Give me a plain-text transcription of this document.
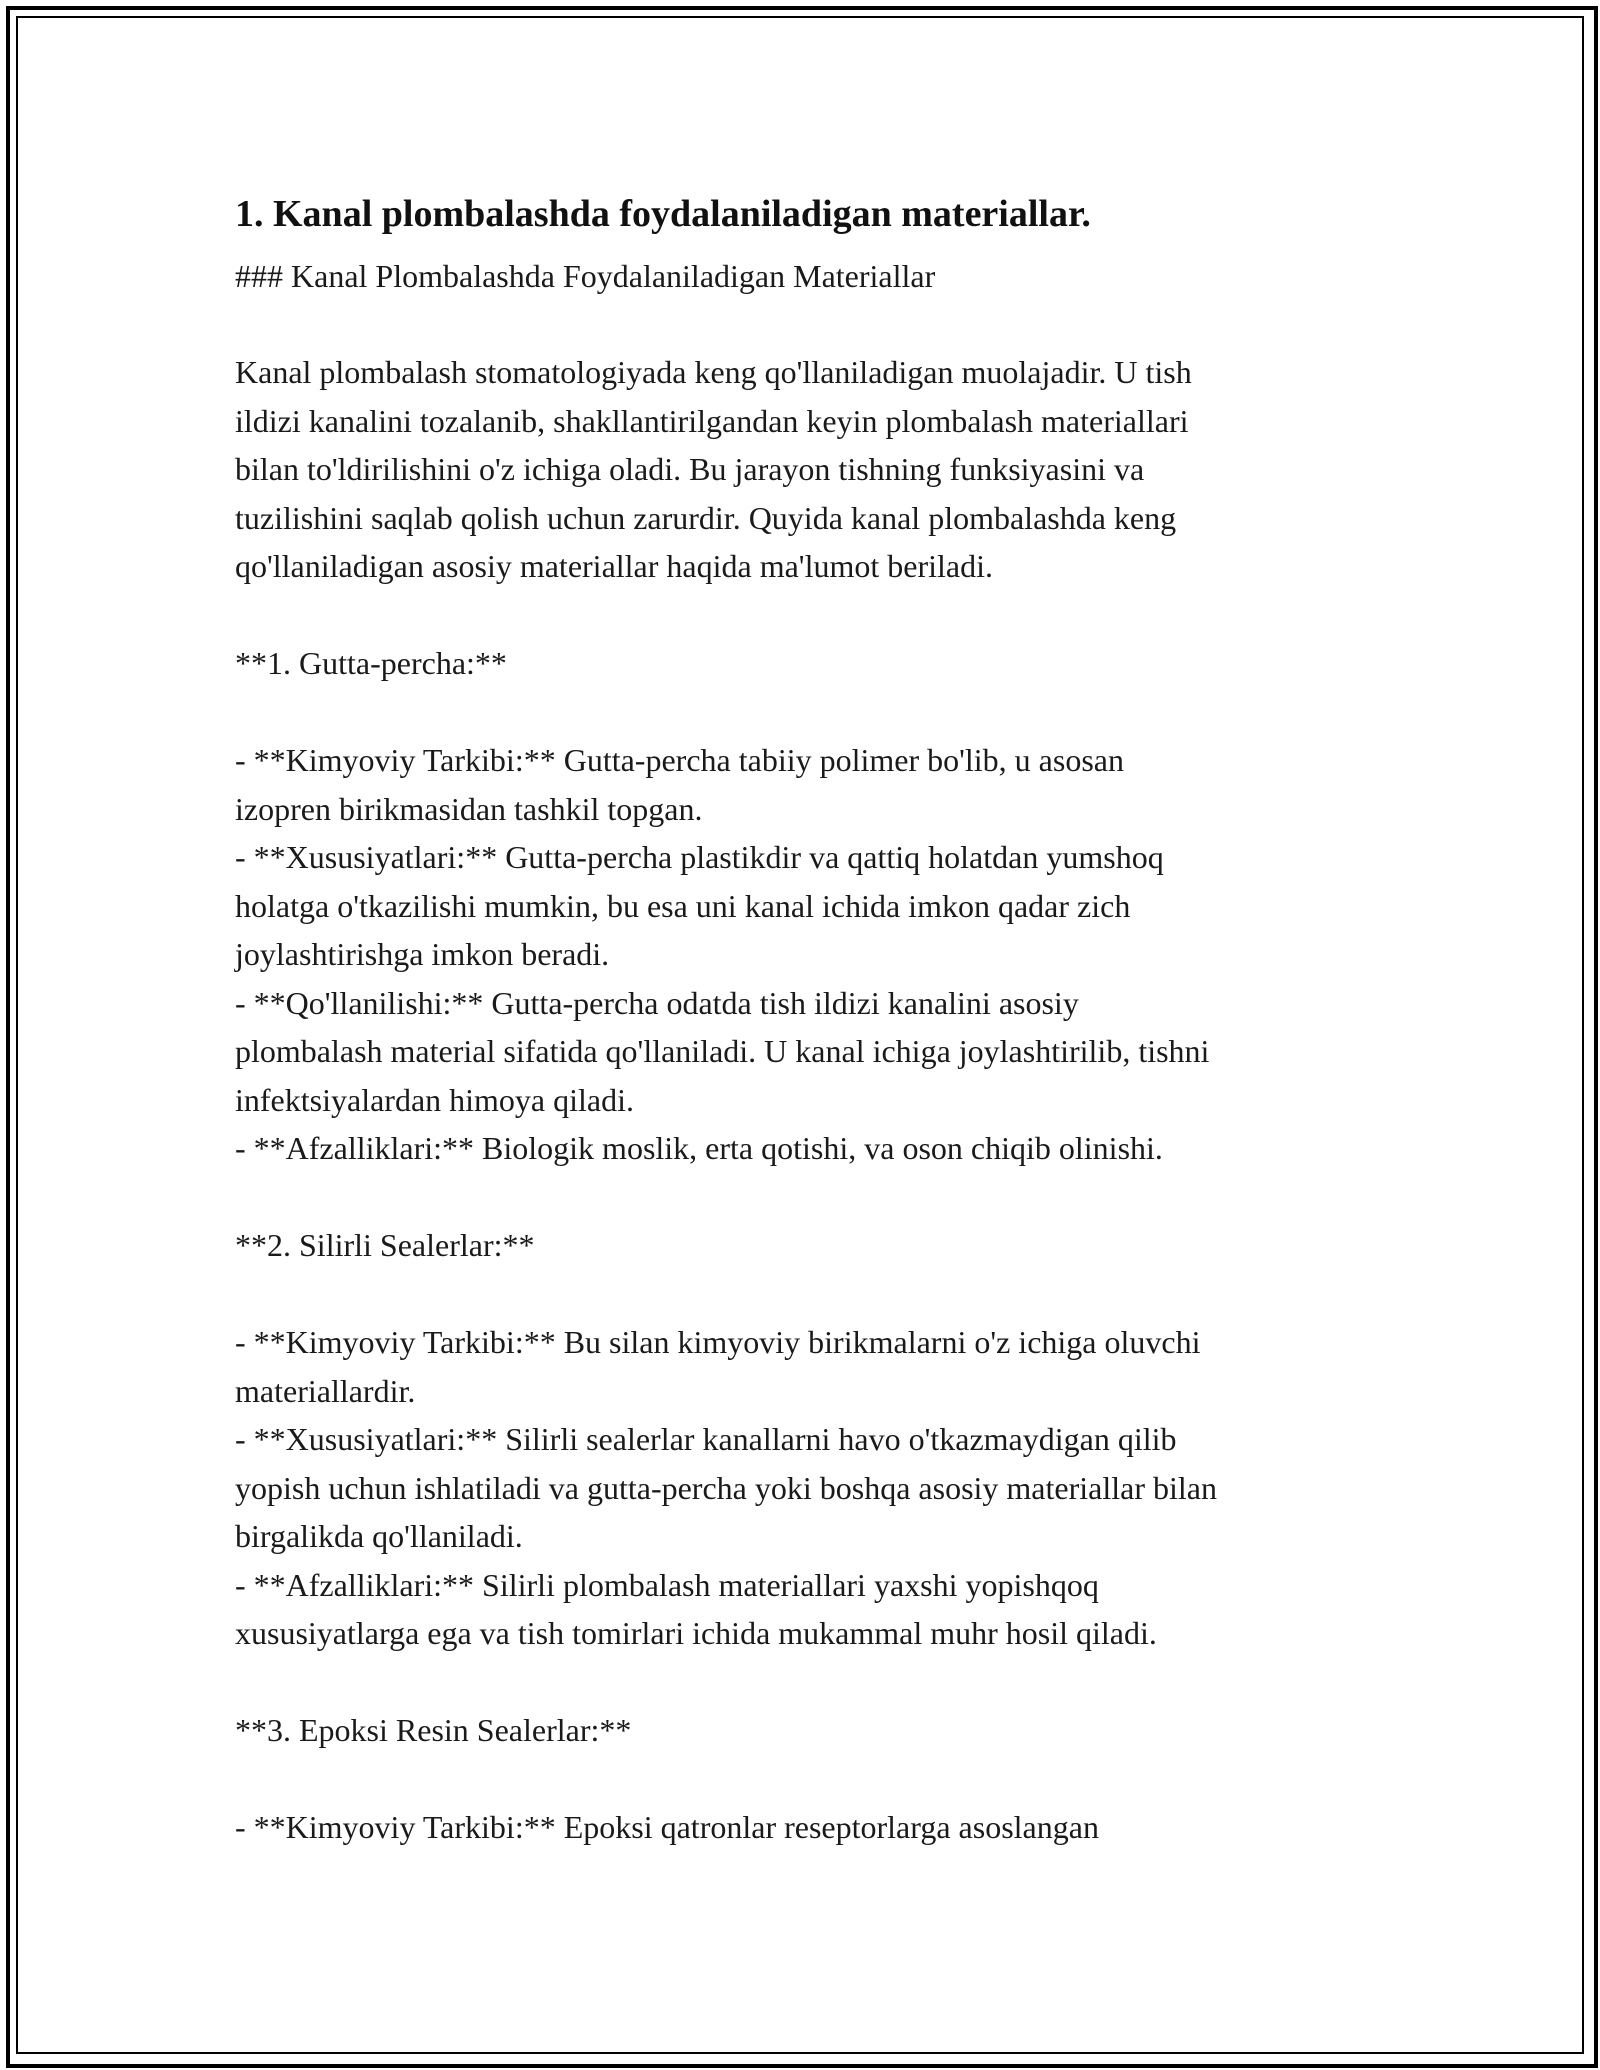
1. Kanal plombalashda foydalaniladigan materiallar.
### Kanal Plombalashda Foydalaniladigan Materiallar
Kanal plombalash stomatologiyada keng qo'llaniladigan muolajadir. U tish
ildizi kanalini tozalanib, shakllantirilgandan keyin plombalash materiallari
bilan to'ldirilishini o'z ichiga oladi. Bu jarayon tishning funksiyasini va
tuzilishini saqlab qolish uchun zarurdir. Quyida kanal plombalashda keng
qo'llaniladigan asosiy materiallar haqida ma'lumot beriladi.
**1. Gutta-percha:**
- **Kimyoviy Tarkibi:** Gutta-percha tabiiy polimer bo'lib, u asosan
izopren birikmasidan tashkil topgan.
- **Xususiyatlari:** Gutta-percha plastikdir va qattiq holatdan yumshoq
holatga o'tkazilishi mumkin, bu esa uni kanal ichida imkon qadar zich
joylashtirishga imkon beradi.
- **Qo'llanilishi:** Gutta-percha odatda tish ildizi kanalini asosiy
plombalash material sifatida qo'llaniladi. U kanal ichiga joylashtirilib, tishni
infektsiyalardan himoya qiladi.
- **Afzalliklari:** Biologik moslik, erta qotishi, va oson chiqib olinishi.
**2. Silirli Sealerlar:**
- **Kimyoviy Tarkibi:** Bu silan kimyoviy birikmalarni o'z ichiga oluvchi
materiallardir.
- **Xususiyatlari:** Silirli sealerlar kanallarni havo o'tkazmaydigan qilib
yopish uchun ishlatiladi va gutta-percha yoki boshqa asosiy materiallar bilan
birgalikda qo'llaniladi.
- **Afzalliklari:** Silirli plombalash materiallari yaxshi yopishqoq
xususiyatlarga ega va tish tomirlari ichida mukammal muhr hosil qiladi.
**3. Epoksi Resin Sealerlar:**
- **Kimyoviy Tarkibi:** Epoksi qatronlar reseptorlarga asoslangan
